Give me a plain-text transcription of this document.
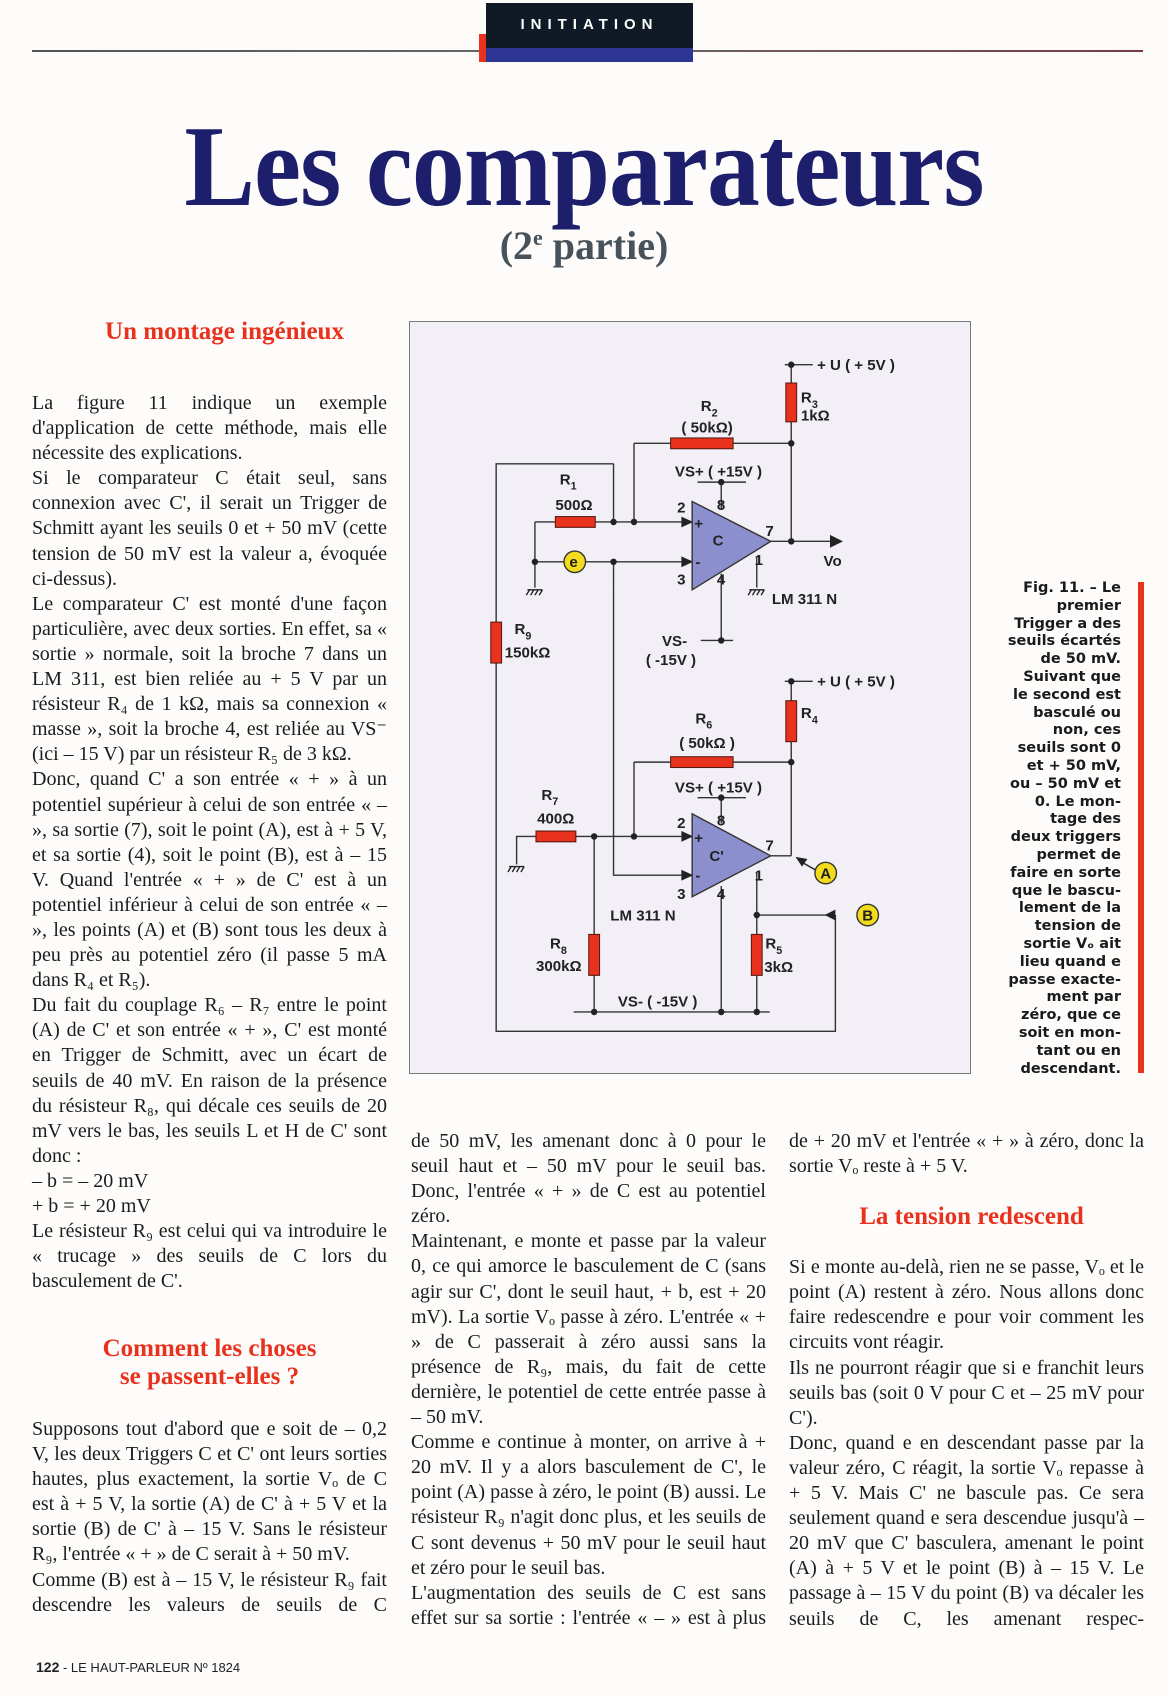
INITIATION
Les comparateurs
(2e partie)
Un montage ingénieux

La figure 11 indique un exemple d'application de cette méthode, mais elle nécessite des explications.

Si le comparateur C était seul, sans connexion avec C', il serait un Trigger de Schmitt ayant les seuils 0 et + 50 mV (cette tension de 50 mV est la valeur a, évoquée ci-dessus).

Le comparateur C' est monté d'une façon particulière, avec deux sorties. En effet, sa « sortie » normale, soit la broche 7 dans un LM 311, est bien reliée au + 5 V par un résisteur R₄ de 1 kΩ, mais sa connexion « masse », soit la broche 4, est reliée au VS⁻ (ici – 15 V) par un résisteur R₅ de 3 kΩ.

Donc, quand C' a son entrée « + » à un potentiel supérieur à celui de son entrée « – », sa sortie (7), soit le point (A), est à + 5 V, et sa sortie (4), soit le point (B), est à – 15 V. Quand l'entrée « + » de C' est à un potentiel inférieur à celui de son entrée « – », les points (A) et (B) sont tous les deux à peu près au potentiel zéro (il passe 5 mA dans R₄ et R₅).

Du fait du couplage R₆ – R₇ entre le point (A) de C' et son entrée « + », C' est monté en Trigger de Schmitt, avec un écart de seuils de 40 mV. En raison de la présence du résisteur R₈, qui décale ces seuils de 20 mV vers le bas, les seuils L et H de C' sont donc :

– b = – 20 mV

+ b = + 20 mV

Le résisteur R₉ est celui qui va introduire le « trucage » des seuils de C lors du basculement de C'.

Comment les choses
se passent-elles ?

Supposons tout d'abord que e soit de – 0,2 V, les deux Triggers C et C' ont leurs sorties hautes, plus exactement, la sortie Vₒ de C est à + 5 V, la sortie (A) de C' à + 5 V et la sortie (B) de C' à – 15 V. Sans le résisteur R₉, l'entrée « + » de C serait à + 50 mV.

Comme (B) est à – 15 V, le résisteur R₉ fait descendre les valeurs de seuils de C

e
A
B
+ U ( + 5V )
+ U ( + 5V )
$R_3$
1kΩ
$R_2$
( 50kΩ)
$R_1$
500Ω
$R_9$
150kΩ
VS+ ( +15V )
VS-
( -15V )
LM 311 N
Vo
C
2
3
8
4
7
1
+
-
$R_4$
$R_6$
( 50kΩ )
VS+ ( +15V )
$R_7$
400Ω
$R_8$
300kΩ
$R_5$
3kΩ
VS- ( -15V )
LM 311 N
C'
2
3
8
4
7
1
+
-
Fig. 11. – Le
premier
Trigger a des
seuils écartés
de 50 mV.
Suivant que
le second est
basculé ou
non, ces
seuils sont 0
et + 50 mV,
ou – 50 mV et
0. Le mon-
tage des
deux triggers
permet de
faire en sorte
que le bascu-
lement de la
tension de
sortie Vₒ ait
lieu quand e
passe exacte-
ment par
zéro, que ce
soit en mon-
tant ou en
descendant.

de 50 mV, les amenant donc à 0 pour le seuil haut et – 50 mV pour le seuil bas. Donc, l'entrée « + » de C est au potentiel zéro.

Maintenant, e monte et passe par la valeur 0, ce qui amorce le basculement de C (sans agir sur C', dont le seuil haut, + b, est + 20 mV). La sortie Vₒ passe à zéro. L'entrée « + » de C passerait à zéro aussi sans la présence de R₉, mais, du fait de cette dernière, le potentiel de cette entrée passe à – 50 mV.

Comme e continue à monter, on arrive à + 20 mV. Il y a alors basculement de C', le point (A) passe à zéro, le point (B) aussi. Le résisteur R₉ n'agit donc plus, et les seuils de C sont devenus + 50 mV pour le seuil haut et zéro pour le seuil bas.

L'augmentation des seuils de C est sans effet sur sa sortie : l'entrée « – » est à plus

de + 20 mV et l'entrée « + » à zéro, donc la sortie Vₒ reste à + 5 V.

La tension redescend

Si e monte au-delà, rien ne se passe, Vₒ et le point (A) restent à zéro. Nous allons donc faire redescendre e pour voir comment les circuits vont réagir.

Ils ne pourront réagir que si e franchit leurs seuils bas (soit 0 V pour C et – 25 mV pour C').

Donc, quand e en descendant passe par la valeur zéro, C réagit, la sortie Vₒ repasse à + 5 V. Mais C' ne bascule pas. Ce sera seulement quand e sera descendue jusqu'à – 20 mV que C' basculera, amenant le point (A) à + 5 V et le point (B) à – 15 V. Le passage à – 15 V du point (B) va décaler les seuils de C, les amenant respec-

122 - LE HAUT-PARLEUR Nº 1824
